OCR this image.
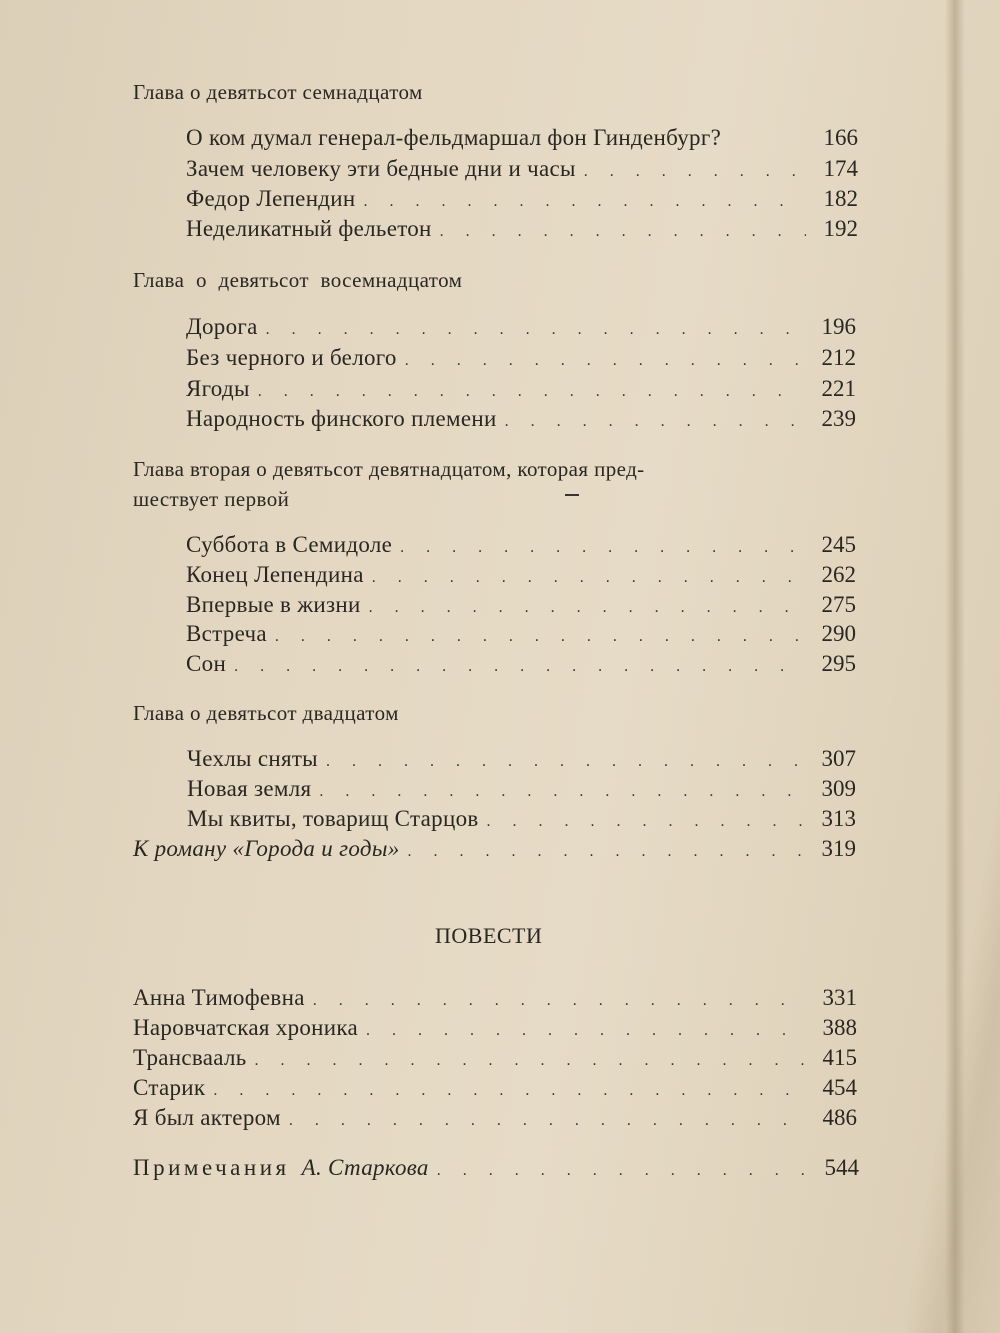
Глава о девятьсот семнадцатом
О ком думал генерал-фельдмаршал фон Гинденбург?	166
Зачем человеку эти бедные дни и часы . . .	174
Федор Лепендин . . .	182
Неделикатный фельетон . . .	192
Глава о девятьсот восемнадцатом
Дорога . . .	196
Без черного и белого . . .	212
Ягоды . . .	221
Народность финского племени . . .	239
Глава вторая о девятьсот девятнадцатом, которая пред-
шествует первой
Суббота в Семидоле . . .	245
Конец Лепендина . . .	262
Впервые в жизни . . .	275
Встреча . . .	290
Сон . . .	295
Глава о девятьсот двадцатом
Чехлы сняты . . .	307
Новая земля . . .	309
Мы квиты, товарищ Старцов . . .	313
К роману «Города и годы» . . .	319
ПОВЕСТИ
Анна Тимофевна . . .	331
Наровчатская хроника . . .	388
Трансвааль . . .	415
Старик . . .	454
Я был актером . . .	486
Примечания А. Старкова . . .	544
